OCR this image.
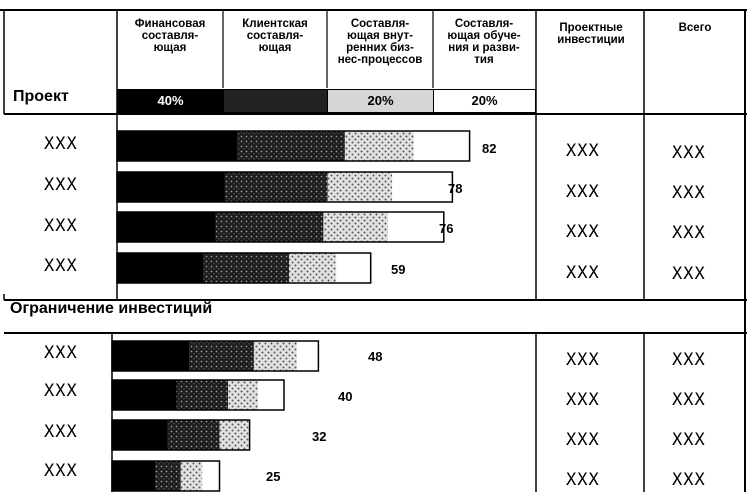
Проект
Финансовая
составля-
ющая
Клиентская
составля-
ющая
Составля-
ющая внут-
ренних биз-
нес-процессов
Составля-
ющая обуче-
ния и разви-
тия
Проектные
инвестиции
Всего
40%	20%	20%
Ограничение инвестиций
XXX
XXX
XXX
XXX
82
78
76
59
XXX
XXX
XXX
XXX
XXX
XXX
XXX
XXX
XXX
XXX
XXX
XXX
48
40
32
25
XXX
XXX
XXX
XXX
XXX
XXX
XXX
XXX
